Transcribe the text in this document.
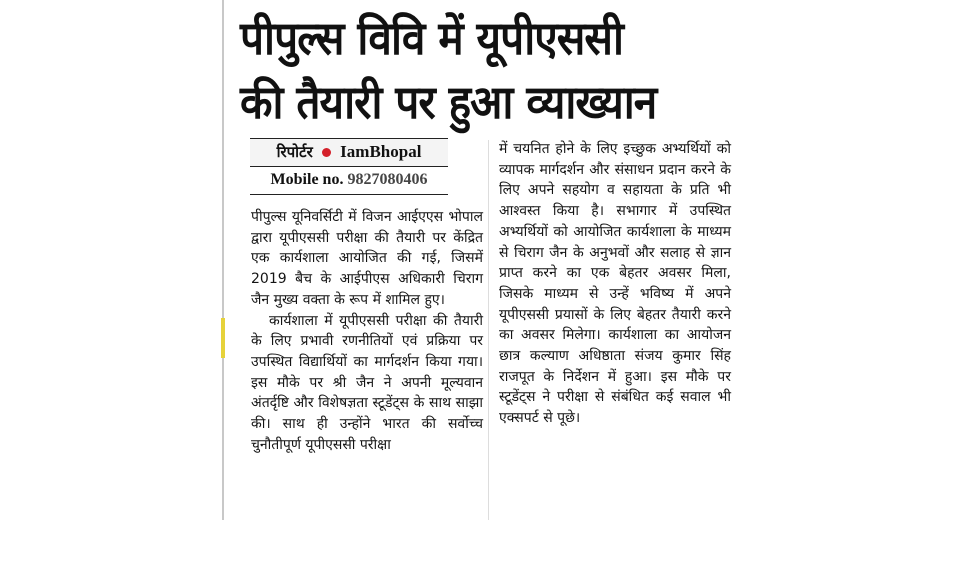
पीपुल्स विवि में यूपीएससी
की तैयारी पर हुआ व्याख्यान
रिपोर्टर IamBhopal
Mobile no. 9827080406

पीपुल्स यूनिवर्सिटी में विजन आईएएस भोपाल द्वारा यूपीएससी परीक्षा की तैयारी पर केंद्रित एक कार्यशाला आयोजित की गई, जिसमें 2019 बैच के आईपीएस अधिकारी चिराग जैन मुख्य वक्ता के रूप में शामिल हुए।

कार्यशाला में यूपीएससी परीक्षा की तैयारी के लिए प्रभावी रणनीतियों एवं प्रक्रिया पर उपस्थित विद्यार्थियों का मार्गदर्शन किया गया। इस मौके पर श्री जैन ने अपनी मूल्यवान अंतर्दृष्टि और विशेषज्ञता स्टूडेंट्स के साथ साझा की। साथ ही उन्होंने भारत की सर्वोच्च चुनौतीपूर्ण यूपीएससी परीक्षा

में चयनित होने के लिए इच्छुक अभ्यर्थियों को व्यापक मार्गदर्शन और संसाधन प्रदान करने के लिए अपने सहयोग व सहायता के प्रति भी आश्वस्त किया है। सभागार में उपस्थित अभ्यर्थियों को आयोजित कार्यशाला के माध्यम से चिराग जैन के अनुभवों और सलाह से ज्ञान प्राप्त करने का एक बेहतर अवसर मिला, जिसके माध्यम से उन्हें भविष्य में अपने यूपीएससी प्रयासों के लिए बेहतर तैयारी करने का अवसर मिलेगा। कार्यशाला का आयोजन छात्र कल्याण अधिष्ठाता संजय कुमार सिंह राजपूत के निर्देशन में हुआ। इस मौके पर स्टूडेंट्स ने परीक्षा से संबंधित कई सवाल भी एक्सपर्ट से पूछे।
